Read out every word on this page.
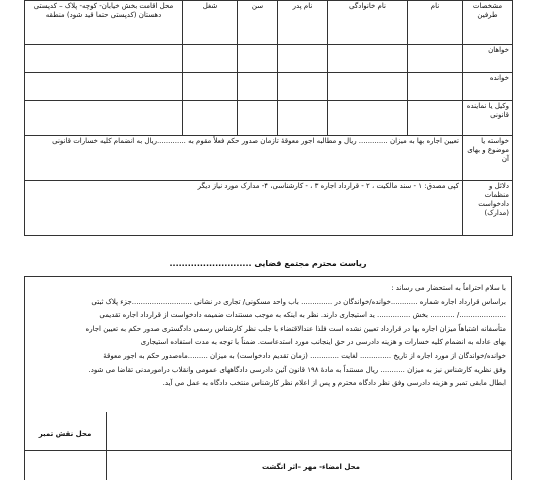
مشخصات طرفین	نام	نام خانوادگی	نام پدر	سن	شغل	محل اقامت بخش خیابان- کوچه- پلاک – کدپستی دهستان (کدپستی حتما قید شود) منطقه
خواهان						
خوانده						
وکیل یا نماینده قانونی						
خواسته یا موضوع و بهای آن	تعیین اجاره بها به میزان ............. ریال و مطالبه اجور معوقهٔ تازمان صدور حکم فعلاً مقوم به .............ریال به انضمام کلیه خسارات قانونی					
دلائل و منظمات دادخواست (مدارک)	کپی مصدق: ۱ - سند مالکیت ، ۲ - قرارداد اجاره ۳ ، - کارشناسی، ۴- مدارک مورد نیاز دیگر					
ریاست محترم مجتمع قضایی ...........................
با سلام احتراماً به استحضار می رساند :
براساس قرارداد اجاره شماره ............خوانده/خواندگان در .............. باب واحد مسکونی/ تجاری در نشانی ...........................جزء پلاک ثبتی
...................../ ........... بخش ............... ید استیجاری دارند. نظر به اینکه به موجب مستندات ضمیمه دادخواست از قرارداد اجاره تقدیمی
متأسفانه اشتباهاً میزان اجاره بها در قرارداد تعیین نشده است فلذا عندالاقتضاء با جلب نظر کارشناس رسمی دادگستری صدور حکم به تعیین اجاره
بهای عادله به انضمام کلیه خسارات و هزینه دادرسی در حق اینجانب مورد استدعاست. ضمناً با توجه به مدت استفاده استیجاری
خوانده/خواندگان از مورد اجاره از تاریخ .............. لغایت ............. (زمان تقدیم دادخواست) به میزان .........ماه‌صدور حکم به اجور معوقهٔ
وفق نظریه کارشناس نیز به میزان ........... ریال مستنداً به مادهٔ ۱۹۸ قانون آئین دادرسی دادگاههای عمومی وانقلاب درامورمدنی تقاضا می شود.
ابطال مابقی تمبر و هزینه دادرسی وفق نظر دادگاه محترم و پس از اعلام نظر کارشناس منتخب دادگاه به عمل می آید.
محل نقش تمبر
محل امضاء- مهر –اثر انگشت
